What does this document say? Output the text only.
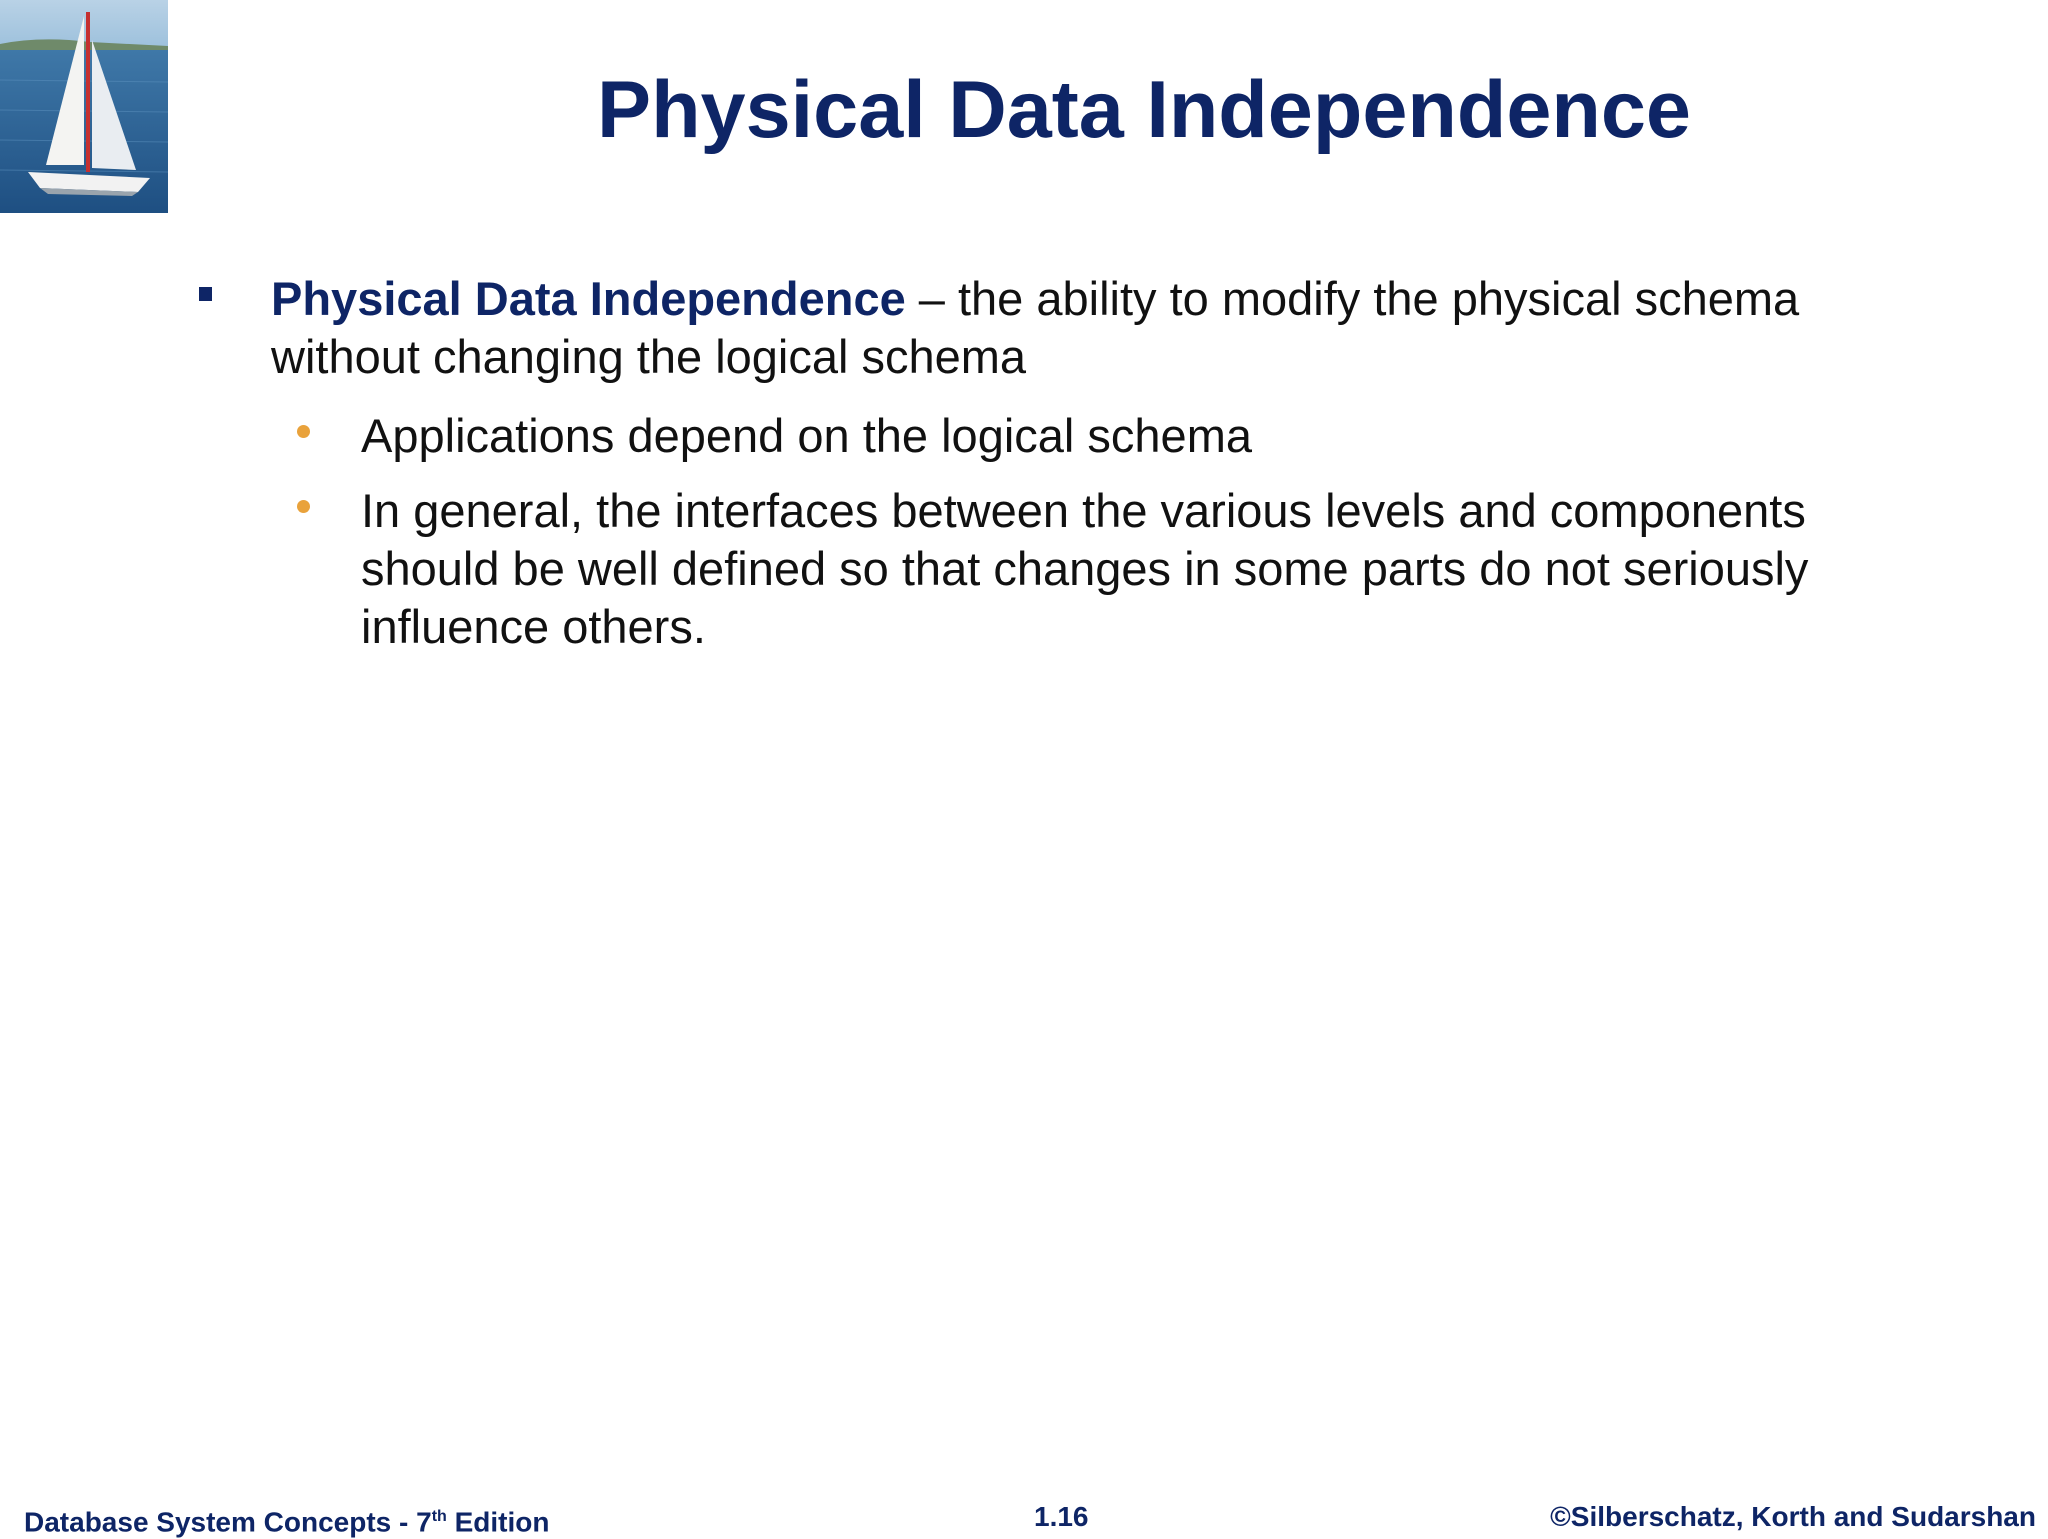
Physical Data Independence
Physical Data Independence – the ability to modify the physical schema without changing the logical schema
Applications depend on the logical schema
In general, the interfaces between the various levels and components should be well defined so that changes in some parts do not seriously influence others.
Database System Concepts - 7th Edition	1.16	©Silberschatz, Korth and Sudarshan
